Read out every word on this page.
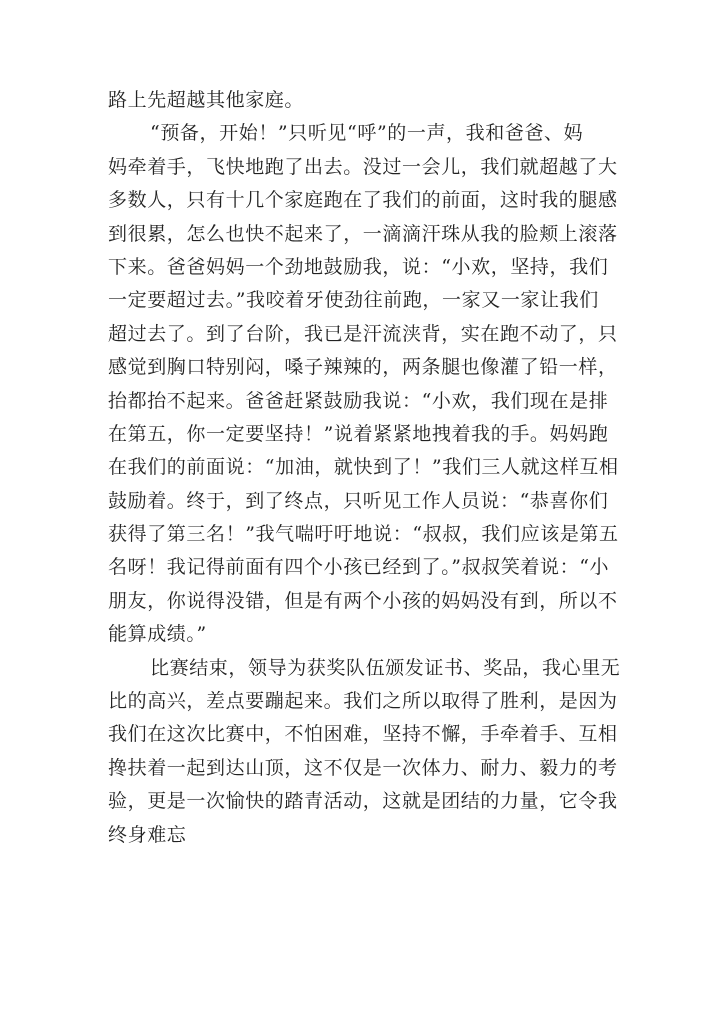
路上先超越其他家庭。
“预备，开始！”只听见“呼”的一声，我和爸爸、妈
妈牵着手，飞快地跑了出去。没过一会儿，我们就超越了大
多数人，只有十几个家庭跑在了我们的前面，这时我的腿感
到很累，怎么也快不起来了，一滴滴汗珠从我的脸颊上滚落
下来。爸爸妈妈一个劲地鼓励我，说：“小欢，坚持，我们
一定要超过去。”我咬着牙使劲往前跑，一家又一家让我们
超过去了。到了台阶，我已是汗流浃背，实在跑不动了，只
感觉到胸口特别闷，嗓子辣辣的，两条腿也像灌了铅一样，
抬都抬不起来。爸爸赶紧鼓励我说：“小欢，我们现在是排
在第五，你一定要坚持！”说着紧紧地拽着我的手。妈妈跑
在我们的前面说：“加油，就快到了！”我们三人就这样互相
鼓励着。终于，到了终点，只听见工作人员说：“恭喜你们
获得了第三名！”我气喘吁吁地说：“叔叔，我们应该是第五
名呀！我记得前面有四个小孩已经到了。”叔叔笑着说：“小
朋友，你说得没错，但是有两个小孩的妈妈没有到，所以不
能算成绩。”
比赛结束，领导为获奖队伍颁发证书、奖品，我心里无
比的高兴，差点要蹦起来。我们之所以取得了胜利，是因为
我们在这次比赛中，不怕困难，坚持不懈，手牵着手、互相
搀扶着一起到达山顶，这不仅是一次体力、耐力、毅力的考
验，更是一次愉快的踏青活动，这就是团结的力量，它令我
终身难忘
